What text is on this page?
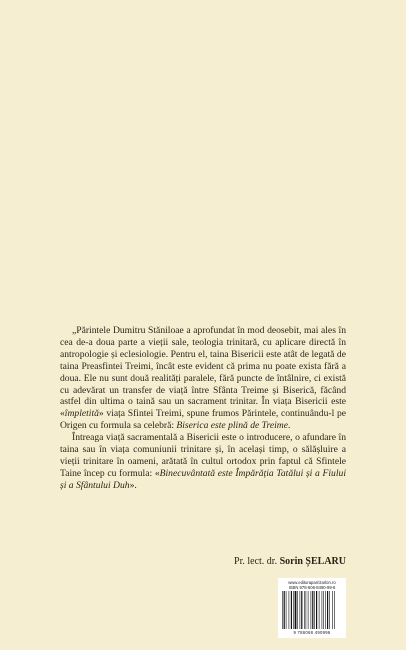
„Părintele Dumitru Stăniloae a aprofundat în mod deosebit, mai ales în cea de-a doua parte a vieții sale, teologia trinitară, cu aplicare directă în antropologie și eclesiologie. Pentru el, taina Bisericii este atât de legată de taina Preasfintei Treimi, încât este evident că prima nu poate exista fără a doua. Ele nu sunt două realități paralele, fără puncte de întâlnire, ci există cu adevărat un transfer de viață între Sfânta Treime și Biserică, făcând astfel din ultima o taină sau un sacrament trinitar. În viața Bisericii este «împletită» viața Sfintei Treimi, spune frumos Părintele, continuându-l pe Origen cu formula sa celebră: Biserica este plină de Treime.

Întreaga viață sacramentală a Bisericii este o introducere, o afundare în taina sau în viața comuniunii trinitare și, în același timp, o sălășluire a vieții trinitare în oameni, arătată în cultul ortodox prin faptul că Sfintele Taine încep cu formula: «Binecuvântată este Împărăția Tatălui și a Fiului și a Sfântului Duh».

Pr. lect. dr. Sorin ȘELARU
www.edituraparrizarlon.ro
ISBN 978-606-8490-99-6
9 786068 490996
